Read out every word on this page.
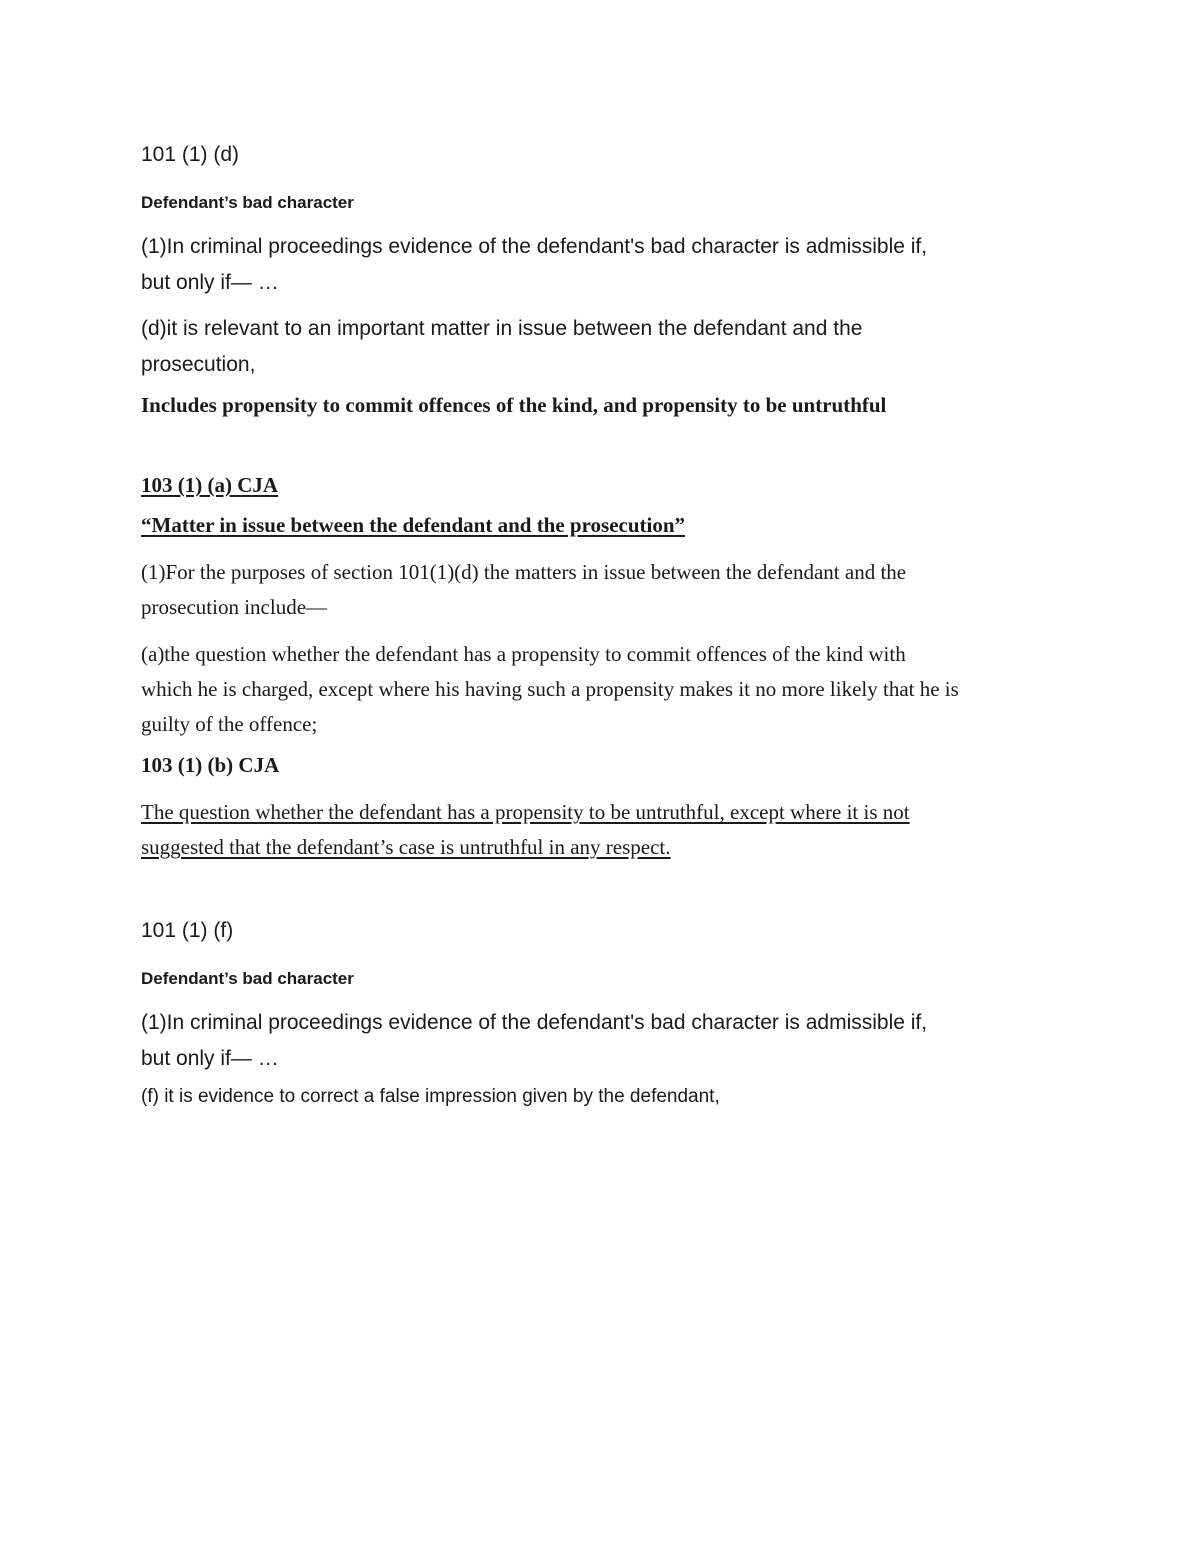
101 (1) (d)

Defendant’s bad character

(1)In criminal proceedings evidence of the defendant's bad character is admissible if,

but only if— …

(d)it is relevant to an important matter in issue between the defendant and the

prosecution,

Includes propensity to commit offences of the kind, and propensity to be untruthful

103 (1) (a) CJA

“Matter in issue between the defendant and the prosecution”

(1)For the purposes of section 101(1)(d) the matters in issue between the defendant and the

prosecution include—

(a)the question whether the defendant has a propensity to commit offences of the kind with

which he is charged, except where his having such a propensity makes it no more likely that he is

guilty of the offence;

103 (1) (b) CJA

The question whether the defendant has a propensity to be untruthful, except where it is not

suggested that the defendant’s case is untruthful in any respect.

101 (1) (f)

Defendant’s bad character

(1)In criminal proceedings evidence of the defendant's bad character is admissible if,

but only if— …

(f) it is evidence to correct a false impression given by the defendant,
